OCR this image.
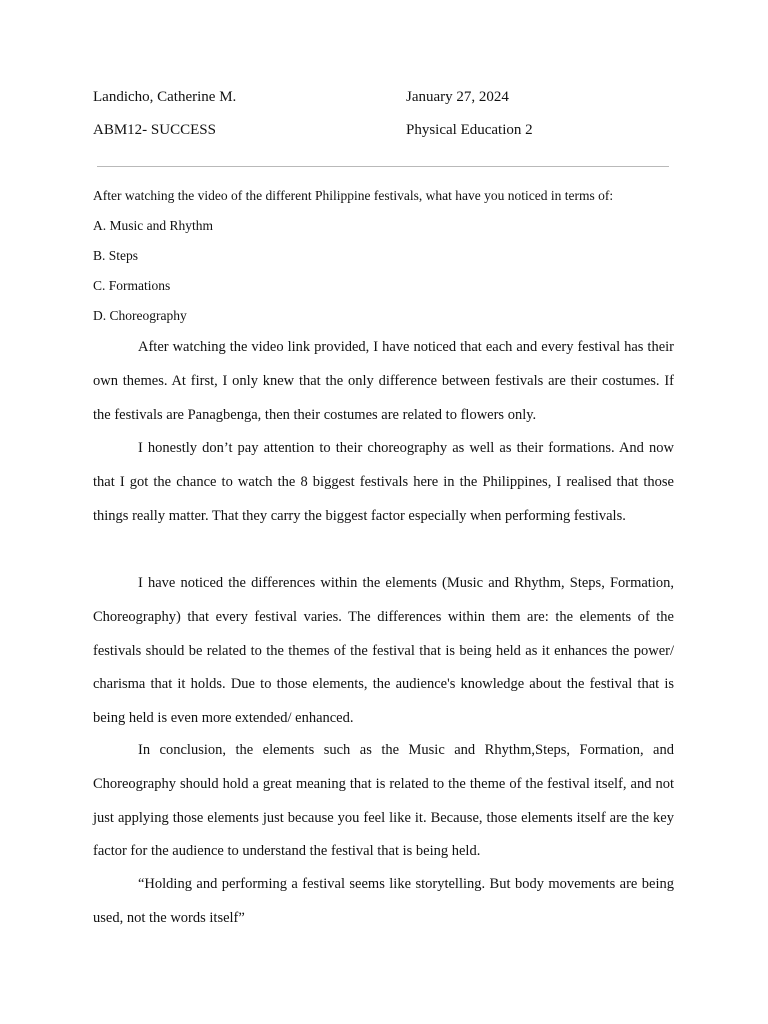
Landicho, Catherine M.	January 27, 2024
ABM12- SUCCESS	Physical Education 2
After watching the video of the different Philippine festivals, what have you noticed in terms of:
A. Music and Rhythm
B. Steps
C. Formations
D. Choreography

After watching the video link provided, I have noticed that each and every festival has their own themes. At first, I only knew that the only difference between festivals are their costumes. If the festivals are Panagbenga, then their costumes are related to flowers only.

I honestly don’t pay attention to their choreography as well as their formations. And now that I got the chance to watch the 8 biggest festivals here in the Philippines, I realised that those things really matter. That they carry the biggest factor especially when performing festivals.

I have noticed the differences within the elements (Music and Rhythm, Steps, Formation, Choreography) that every festival varies. The differences within them are: the elements of the festivals should be related to the themes of the festival that is being held as it enhances the power/ charisma that it holds. Due to those elements, the audience's knowledge about the festival that is being held is even more extended/ enhanced.

In conclusion, the elements such as the Music and Rhythm,Steps, Formation, and Choreography should hold a great meaning that is related to the theme of the festival itself, and not just applying those elements just because you feel like it. Because, those elements itself are the key factor for the audience to understand the festival that is being held.

“Holding and performing a festival seems like storytelling. But body movements are being used, not the words itself”
